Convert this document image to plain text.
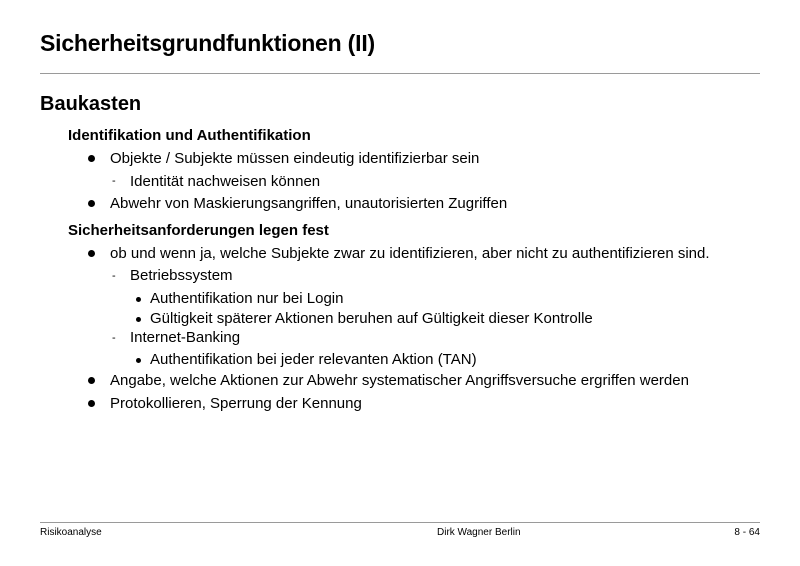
Sicherheitsgrundfunktionen (II)
Baukasten
Identifikation und Authentifikation
Objekte / Subjekte müssen eindeutig identifizierbar sein
- Identität nachweisen können
Abwehr von Maskierungsangriffen, unautorisierten Zugriffen
Sicherheitsanforderungen legen fest
ob und wenn ja, welche Subjekte zwar zu identifizieren, aber nicht zu authentifizieren sind.
- Betriebssystem
Authentifikation nur bei Login
Gültigkeit späterer Aktionen beruhen auf Gültigkeit dieser Kontrolle
- Internet-Banking
Authentifikation bei jeder relevanten Aktion (TAN)
Angabe, welche Aktionen zur Abwehr systematischer Angriffsversuche ergriffen werden
Protokollieren, Sperrung der Kennung
Risikoanalyse	Dirk Wagner Berlin	8 - 64
